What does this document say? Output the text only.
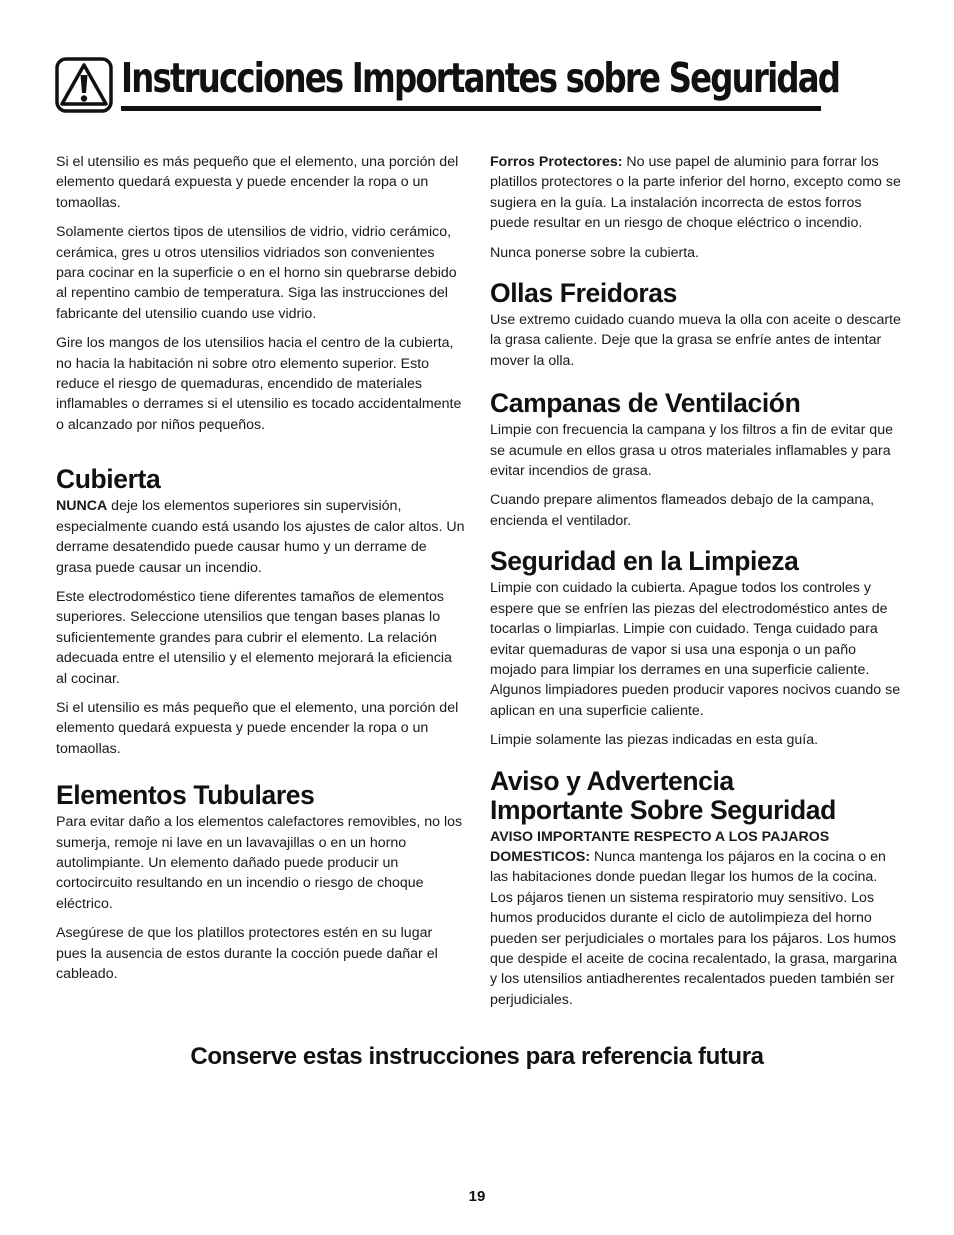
Instrucciones Importantes sobre Seguridad

Si el utensilio es más pequeño que el elemento, una porción del elemento quedará expuesta y puede encender la ropa o un tomaollas.

Solamente ciertos tipos de utensilios de vidrio, vidrio cerámico, cerámica, gres u otros utensilios vidriados son convenientes para cocinar en la superficie o en el horno sin quebrarse debido al repentino cambio de temperatura. Siga las instrucciones del fabricante del utensilio cuando use vidrio.

Gire los mangos de los utensilios hacia el centro de la cubierta, no hacia la habitación ni sobre otro elemento superior. Esto reduce el riesgo de quemaduras, encendido de materiales inflamables o derrames si el utensilio es tocado accidentalmente o alcanzado por niños pequeños.

Cubierta

NUNCA deje los elementos superiores sin supervisión, especialmente cuando está usando los ajustes de calor altos. Un derrame desatendido puede causar humo y un derrame de grasa puede causar un incendio.

Este electrodoméstico tiene diferentes tamaños de elementos superiores. Seleccione utensilios que tengan bases planas lo suficientemente grandes para cubrir el elemento. La relación adecuada entre el utensilio y el elemento mejorará la eficiencia al cocinar.

Si el utensilio es más pequeño que el elemento, una porción del elemento quedará expuesta y puede encender la ropa o un tomaollas.

Elementos Tubulares

Para evitar daño a los elementos calefactores removibles, no los sumerja, remoje ni lave en un lavavajillas o en un horno autolimpiante. Un elemento dañado puede producir un cortocircuito resultando en un incendio o riesgo de choque eléctrico.

Asegúrese de que los platillos protectores estén en su lugar pues la ausencia de estos durante la cocción puede dañar el cableado.

Forros Protectores: No use papel de aluminio para forrar los platillos protectores o la parte inferior del horno, excepto como se sugiera en la guía. La instalación incorrecta de estos forros puede resultar en un riesgo de choque eléctrico o incendio.

Nunca ponerse sobre la cubierta.

Ollas Freidoras

Use extremo cuidado cuando mueva la olla con aceite o descarte la grasa caliente. Deje que la grasa se enfríe antes de intentar mover la olla.

Campanas de Ventilación

Limpie con frecuencia la campana y los filtros a fin de evitar que se acumule en ellos grasa u otros materiales inflamables y para evitar incendios de grasa.

Cuando prepare alimentos flameados debajo de la campana, encienda el ventilador.

Seguridad en la Limpieza

Limpie con cuidado la cubierta. Apague todos los controles y espere que se enfríen las piezas del electrodoméstico antes de tocarlas o limpiarlas. Limpie con cuidado. Tenga cuidado para evitar quemaduras de vapor si usa una esponja o un paño mojado para limpiar los derrames en una superficie caliente. Algunos limpiadores pueden producir vapores nocivos cuando se aplican en una superficie caliente.

Limpie solamente las piezas indicadas en esta guía.

Aviso y Advertencia
Importante Sobre Seguridad

AVISO IMPORTANTE RESPECTO A LOS PAJAROS DOMESTICOS: Nunca mantenga los pájaros en la cocina o en las habitaciones donde puedan llegar los humos de la cocina. Los pájaros tienen un sistema respiratorio muy sensitivo. Los humos producidos durante el ciclo de autolimpieza del horno pueden ser perjudiciales o mortales para los pájaros. Los humos que despide el aceite de cocina recalentado, la grasa, margarina y los utensilios antiadherentes recalentados pueden también ser perjudiciales.

Conserve estas instrucciones para referencia futura
19
